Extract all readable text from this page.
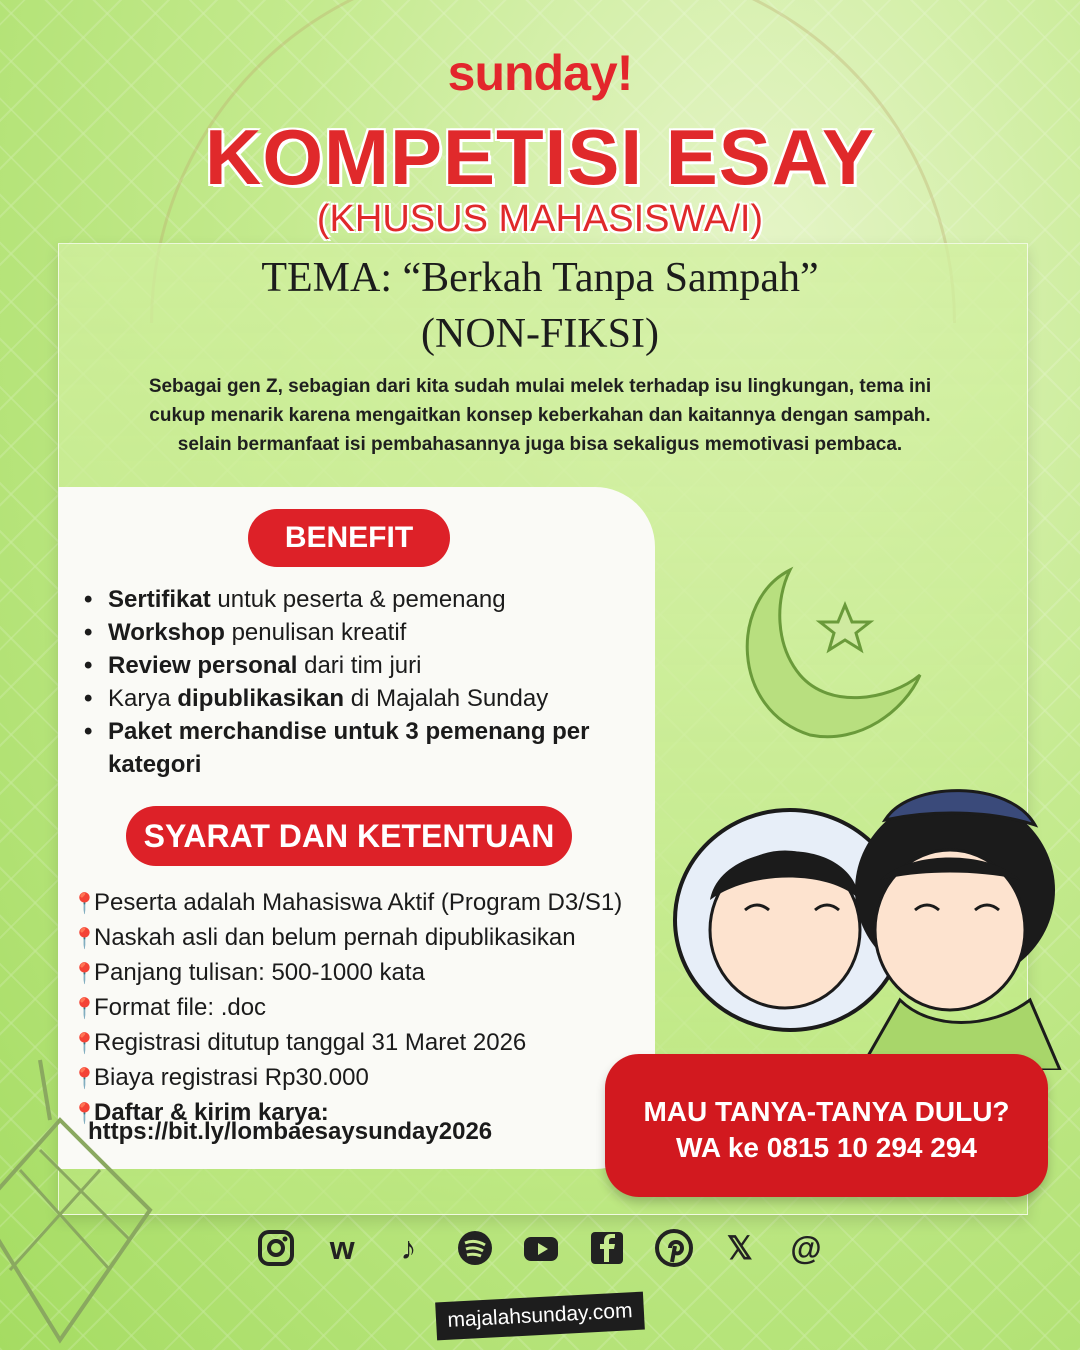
sunday!
KOMPETISI ESAY
(KHUSUS MAHASISWA/I)
TEMA: “Berkah Tanpa Sampah”
(NON-FIKSI)
Sebagai gen Z, sebagian dari kita sudah mulai melek terhadap isu lingkungan, tema ini
cukup menarik karena mengaitkan konsep keberkahan dan kaitannya dengan sampah.
selain bermanfaat isi pembahasannya juga bisa sekaligus memotivasi pembaca.
BENEFIT
• Sertifikat untuk peserta & pemenang
• Workshop penulisan kreatif
• Review personal dari tim juri
• Karya dipublikasikan di Majalah Sunday
• Paket merchandise untuk 3 pemenang per kategori
SYARAT DAN KETENTUAN
📍Peserta adalah Mahasiswa Aktif (Program D3/S1)
📍Naskah asli dan belum pernah dipublikasikan
📍Panjang tulisan: 500-1000 kata
📍Format file: .doc
📍Registrasi ditutup tanggal 31 Maret 2026
📍Biaya registrasi Rp30.000
📍Daftar & kirim karya:
https://bit.ly/lombaesaysunday2026
MAU TANYA-TANYA DULU?
WA ke 0815 10 294 294
w	♪	𝕏 @
majalahsunday.com
